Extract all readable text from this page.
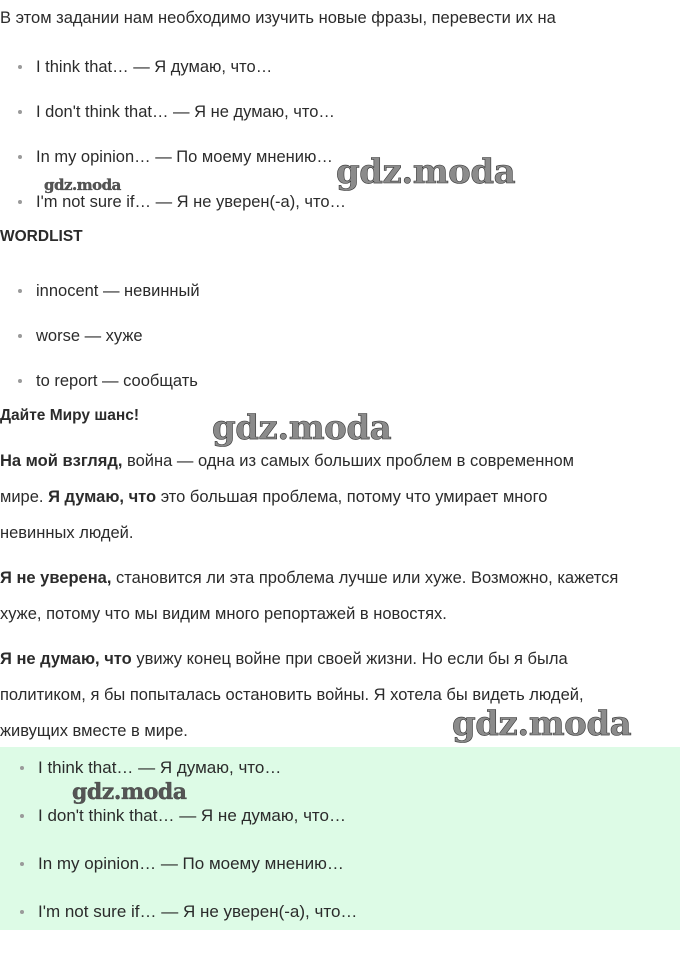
В этом задании нам необходимо изучить новые фразы, перевести их на
I think that… — Я думаю, что…
I don't think that… — Я не думаю, что…
In my opinion… — По моему мнению…
I'm not sure if… — Я не уверен(-а), что…
WORDLIST
innocent — невинный
worse — хуже
to report — сообщать
Дайте Миру шанс!
На мой взгляд, война — одна из самых больших проблем в современном
мире. Я думаю, что это большая проблема, потому что умирает много
невинных людей.
Я не уверена, становится ли эта проблема лучше или хуже. Возможно, кажется
хуже, потому что мы видим много репортажей в новостях.
Я не думаю, что увижу конец войне при своей жизни. Но если бы я была
политиком, я бы попыталась остановить войны. Я хотела бы видеть людей,
живущих вместе в мире.
I think that… — Я думаю, что…
I don't think that… — Я не думаю, что…
In my opinion… — По моему мнению…
I'm not sure if… — Я не уверен(-а), что…
gdz.moda	gdz.moda
gdz.moda
gdz.moda
gdz.moda
